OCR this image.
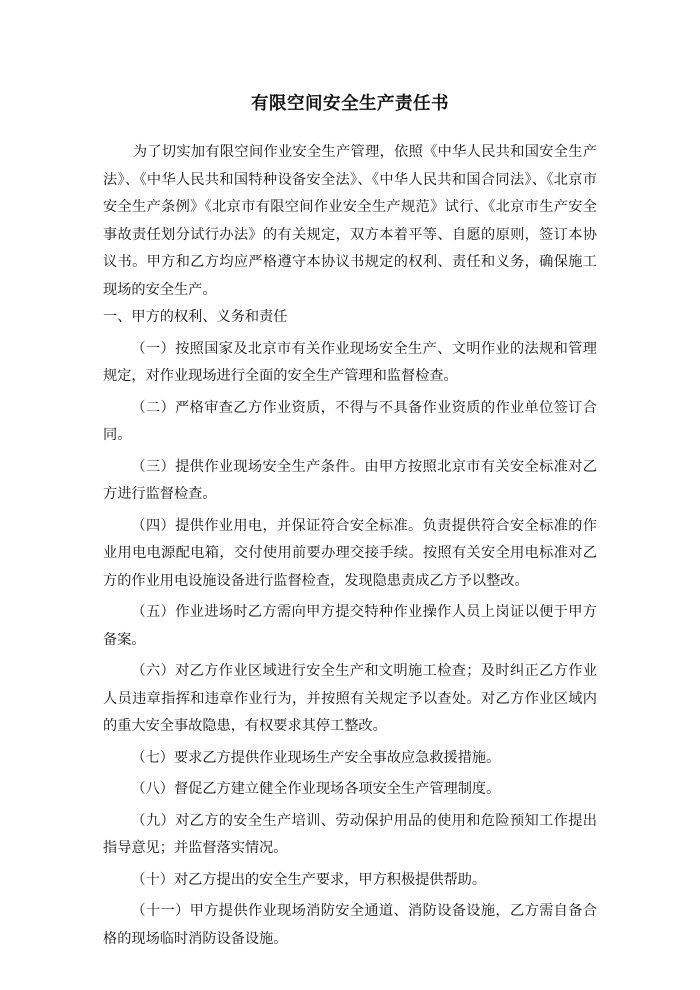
有限空间安全生产责任书

为了切实加有限空间作业安全生产管理，依照《中华人民共和国安全生产法》、《中华人民共和国特种设备安全法》、《中华人民共和国合同法》、《北京市安全生产条例》《北京市有限空间作业安全生产规范》试行、《北京市生产安全事故责任划分试行办法》的有关规定，双方本着平等、自愿的原则，签订本协议书。甲方和乙方均应严格遵守本协议书规定的权利、责任和义务，确保施工现场的安全生产。

一、甲方的权利、义务和责任

（一）按照国家及北京市有关作业现场安全生产、文明作业的法规和管理规定，对作业现场进行全面的安全生产管理和监督检查。

（二）严格审查乙方作业资质，不得与不具备作业资质的作业单位签订合同。

（三）提供作业现场安全生产条件。由甲方按照北京市有关安全标准对乙方进行监督检查。

（四）提供作业用电，并保证符合安全标准。负责提供符合安全标准的作业用电电源配电箱，交付使用前要办理交接手续。按照有关安全用电标准对乙方的作业用电设施设备进行监督检查，发现隐患责成乙方予以整改。

（五）作业进场时乙方需向甲方提交特种作业操作人员上岗证以便于甲方备案。

（六）对乙方作业区域进行安全生产和文明施工检查；及时纠正乙方作业人员违章指挥和违章作业行为，并按照有关规定予以查处。对乙方作业区域内的重大安全事故隐患，有权要求其停工整改。

（七）要求乙方提供作业现场生产安全事故应急救援措施。

（八）督促乙方建立健全作业现场各项安全生产管理制度。

（九）对乙方的安全生产培训、劳动保护用品的使用和危险预知工作提出指导意见；并监督落实情况。

（十）对乙方提出的安全生产要求，甲方积极提供帮助。

（十一）甲方提供作业现场消防安全通道、消防设备设施，乙方需自备合格的现场临时消防设备设施。
